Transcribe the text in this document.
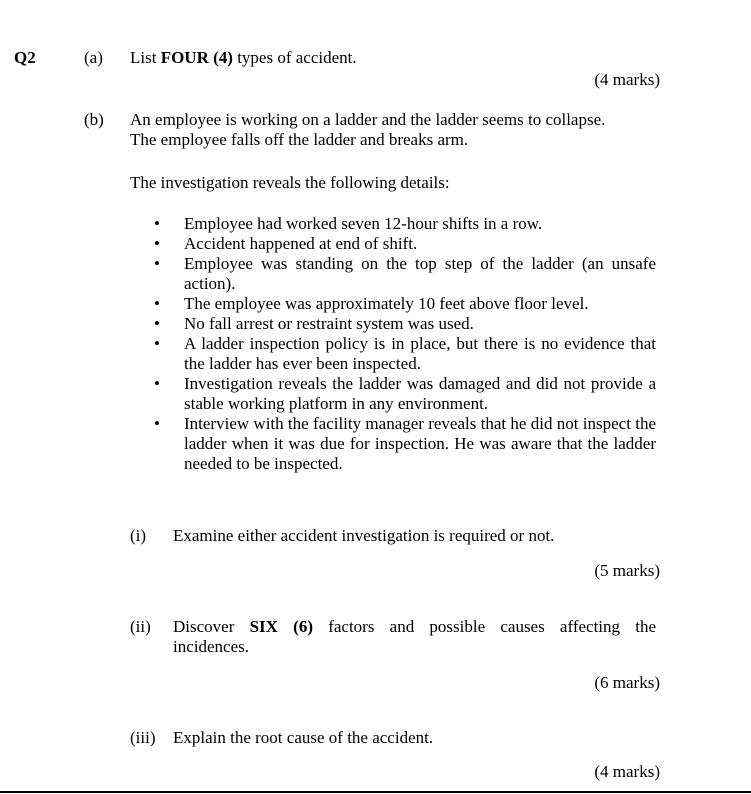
Q2	(a) List FOUR (4) types of accident.
(4 marks)
(b) An employee is working on a ladder and the ladder seems to collapse.
The employee falls off the ladder and breaks arm.
The investigation reveals the following details:
• Employee had worked seven 12-hour shifts in a row.
• Accident happened at end of shift.
• Employee was standing on the top step of the ladder (an unsafe action).
• The employee was approximately 10 feet above floor level.
• No fall arrest or restraint system was used.
• A ladder inspection policy is in place, but there is no evidence that the ladder has ever been inspected.
• Investigation reveals the ladder was damaged and did not provide a stable working platform in any environment.
• Interview with the facility manager reveals that he did not inspect the ladder when it was due for inspection. He was aware that the ladder needed to be inspected.
(i) Examine either accident investigation is required or not.
(5 marks)
(ii) Discover SIX (6) factors and possible causes affecting the
incidences.
(6 marks)
(iii) Explain the root cause of the accident.
(4 marks)
